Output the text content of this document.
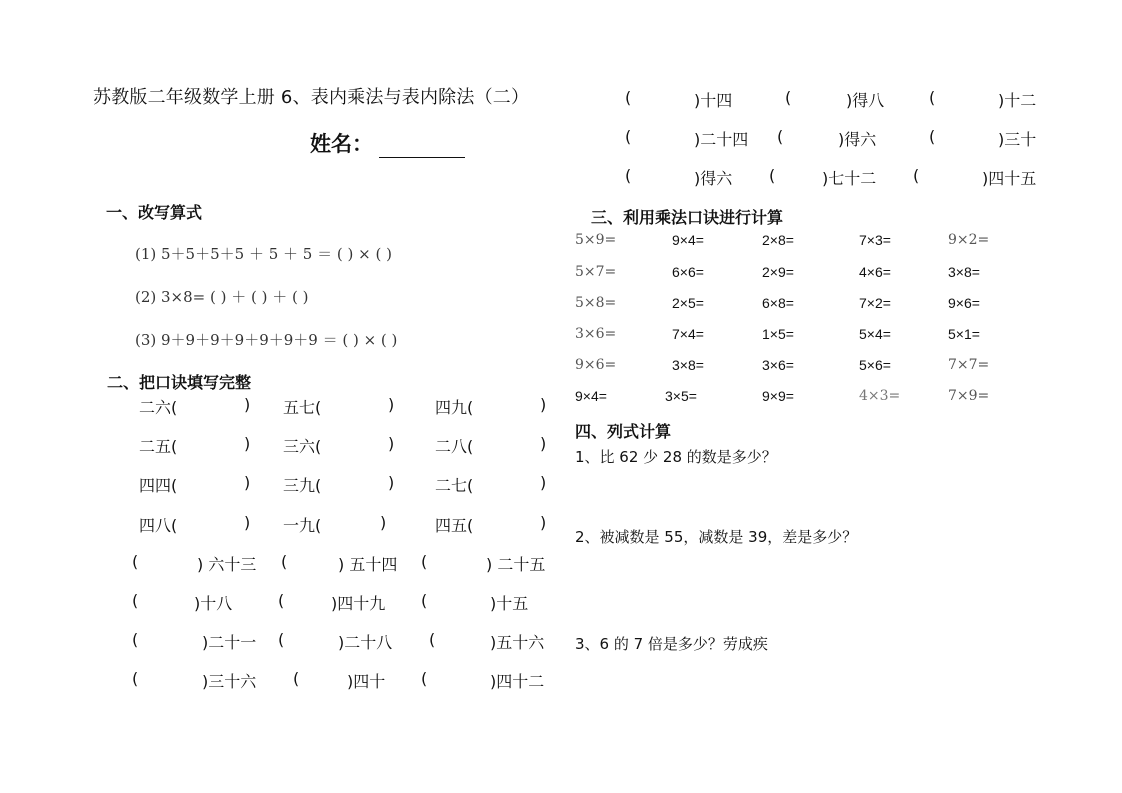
苏教版二年级数学上册 6、表内乘法与表内除法（二）
姓名：
一、改写算式
(1) 5＋5＋5＋5 ＋ 5 ＋ 5 ＝ ( ) × ( )
(2) 3×8= ( ) ＋ ( ) ＋ ( )
(3) 9＋9＋9＋9＋9＋9＋9 ＝ ( ) × ( )
二、把口诀填写完整
二六(	) 五七(	)	四九(	)
二五(	) 三六(	)	二八(	)
四四(	) 三九(	)	二七(	)
四八(	) 一九(	)	四五(	)
(	) 六十三 (	) 五十四 (	) 二十五
(	)十八	(	)四十九 (	)十五
(	)二十一 (	)二十八 (	)五十六
(	)三十六 (	)四十 (	)四十二
(	)十四	(	)得八	(	)十二
(	)二十四 (	)得六	(	)三十
(	)得六 (	)七十二 (	)四十五
三、利用乘法口诀进行计算
5×9=	9×4=	2×8=	7×3=	9×2=
5×7=	6×6=	2×9=	4×6=	3×8=
5×8=	2×5=	6×8=	7×2=	9×6=
3×6=	7×4=	1×5=	5×4=	5×1=
9×6=	3×8=	3×6=	5×6=	7×7=
9×4=	3×5=	9×9=	4×3=	7×9=
四、列式计算
1、比 62 少 28 的数是多少？
2、被减数是 55，减数是 39，差是多少？
3、6 的 7 倍是多少？劳成疾
